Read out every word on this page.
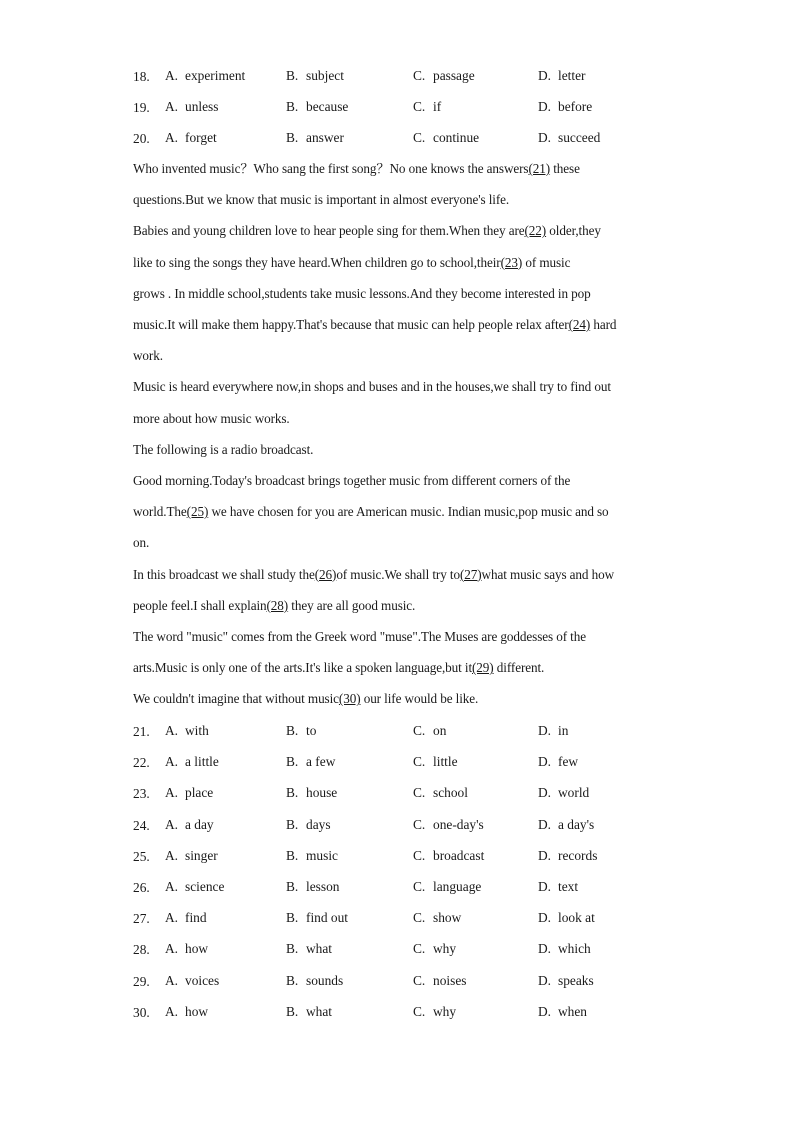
18. A. experiment	B. subject	C. passage	D. letter
19. A. unless	B. because	C. if	D. before
20. A. forget	B. answer	C. continue	D. succeed
Who invented music？Who sang the first song？No one knows the answers(21) these
questions.But we know that music is important in almost everyone's life.
Babies and young children love to hear people sing for them.When they are(22) older,they
like to sing the songs they have heard.When children go to school,their(23) of music
grows . In middle school,students take music lessons.And they become interested in pop
music.It will make them happy.That's because that music can help people relax after(24) hard
work.
Music is heard everywhere now,in shops and buses and in the houses,we shall try to find out
more about how music works.
The following is a radio broadcast.
Good morning.Today's broadcast brings together music from different corners of the
world.The(25) we have chosen for you are American music. Indian music,pop music and so
on.
In this broadcast we shall study the(26)of music.We shall try to(27)what music says and how
people feel.I shall explain(28) they are all good music.
The word "music" comes from the Greek word "muse".The Muses are goddesses of the
arts.Music is only one of the arts.It's like a spoken language,but it(29) different.
We couldn't imagine that without music(30) our life would be like.
21. A. with	B. to	C. on	D. in
22. A. a little	B. a few	C. little	D. few
23. A. place	B. house	C. school	D. world
24. A. a day	B. days	C. one-day's	D. a day's
25. A. singer	B. music	C. broadcast	D. records
26. A. science	B. lesson	C. language	D. text
27. A. find	B. find out	C. show	D. look at
28. A. how	B. what	C. why	D. which
29. A. voices	B. sounds	C. noises	D. speaks
30. A. how	B. what	C. why	D. when
